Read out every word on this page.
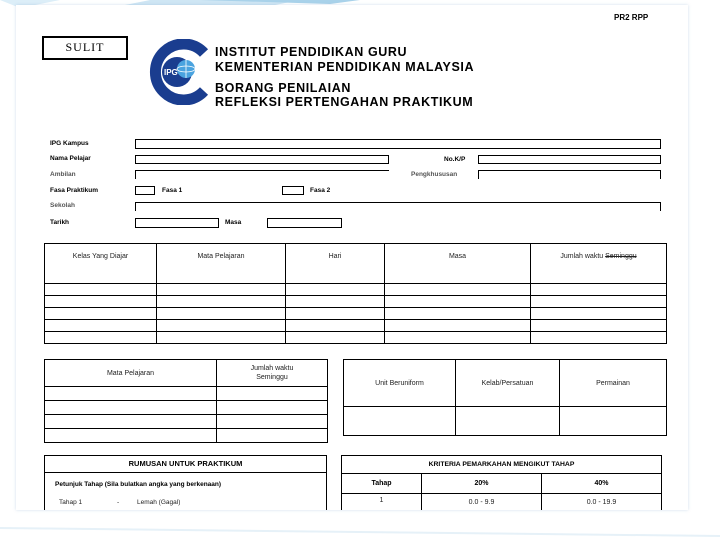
PR2 RPP
SULIT
IPG
INSTITUT PENDIDIKAN GURU
KEMENTERIAN PENDIDIKAN MALAYSIA
BORANG PENILAIAN
REFLEKSI PERTENGAHAN PRAKTIKUM
IPG Kampus
Nama Pelajar	No.K/P
Ambilan	Pengkhususan
Fasa Praktikum	Fasa 1	Fasa 2
Sekolah
Tarikh	Masa
Kelas Yang Diajar	Mata Pelajaran	Hari	Masa	Jumlah waktu Seminggu

Mata Pelajaran	Jumlah waktu
Seminggu

Unit Beruniform	Kelab/Persatuan	Permainan

RUMUSAN UNTUK PRAKTIKUM
Petunjuk Tahap (Sila bulatkan angka yang berkenaan)
Tahap 1	-	Lemah (Gagal)
KRITERIA PEMARKAHAN MENGIKUT TAHAP		
Tahap	20%	40%
1	0.0 - 9.9	0.0 - 19.9
